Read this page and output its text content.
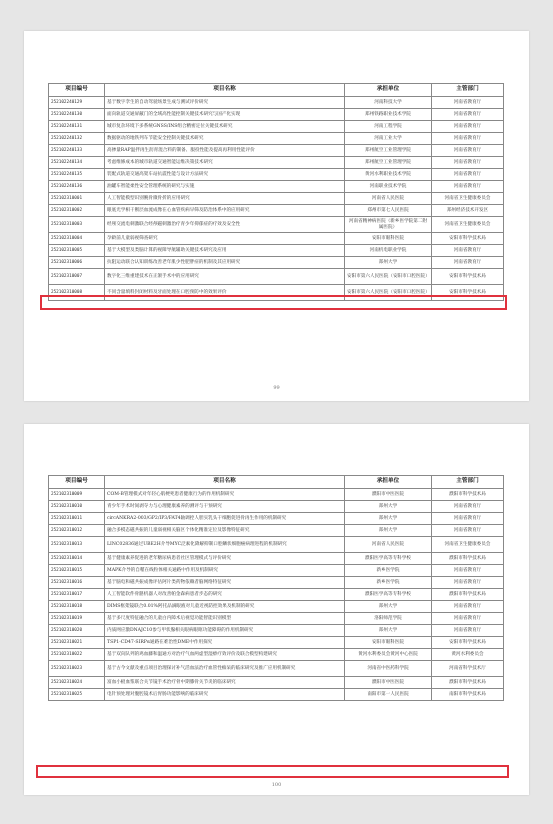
项目编号	项目名称	承担单位	主管部门
252102240129	基于数字孪生的自动驾驶场景生成与测试评价研究	河南科技大学	河南省教育厅
252102240130	面向轨道交通屏蔽门的全域高性能控制关键技术研究与国产化实现	郑州铁路职业技术学院	河南省教育厅
252102240131	城市复杂环境下多系统GNSS/INS组合精密定位关键技术研究	河南工程学院	河南省教育厅
252102240132	数据驱动的地铁列车节能安全控制关键技术研究	河南工业大学	河南省教育厅
252102240133	高掺量RAP温拌再生沥青混合料的制备、服役性能及提高再利用性能评价	郑州航空工业管理学院	河南省教育厅
252102240134	考虑维修成本的城市轨道交通智能运维决策技术研究	郑州航空工业管理学院	河南省教育厅
252102240135	装配式轨道交通高架车站抗震性能与设计方法研究	黄河水利职业技术学院	河南省教育厅
252102240136	油罐车智能柔性安全管理系统的研究与实施	河南职业技术学院	河南省教育厅
252102310001	人工智能模型识别腕骨微骨折的应用研究	河南省人民医院	河南省卫生健康委员会
252102310002	眼底光学相干断层血流成像在心血管疾病早筛及防治体系中的应用研究	郑州市第七人民医院	郑州经济技术开发区
252102310003	经颅交流电刺激联合经颅磁刺激治疗青少年抑郁症的疗效及安全性	河南省精神病医院（新乡医学院第二附属医院）	河南省卫生健康委员会
252102310004	孕龄前儿童弱视筛查研究	安阳市眼科医院	安阳市科学技术局
252102310005	基于大模型及类脑计算的视障导航辅助关键技术研究及应用	河南机电职业学院	河南省教育厅
252102310006	抗阻运动联合认知训练改善老年肌少性肥胖症的机制及其应用研究	郑州大学	河南省教育厅
252102310007	数字化三维重建技术在正颌手术中的应用研究	安阳市第六人民医院（安阳市口腔医院）	安阳市科学技术局
252102310008	不同含量填料封闭材料及牙面处理在口腔预防中的效果评价	安阳市第六人民医院（安阳市口腔医院）	安阳市科学技术局
99
项目编号	项目名称	承担单位	主管部门
252102310009	COM-B管理模式对年轻心肌梗死患者健康行为的作用机制研究	濮阳市中医医院	濮阳市科学技术局
252102310010	青少年手术时间剥夺力与心理健康素养的测评与干预研究	郑州大学	河南省教育厅
252102310011	circANKRA2-003/GP2/IP3/FAT4轴调控人胆实乳头干细胞促进骨再生作用的机制研究	郑州大学	河南省教育厅
252102310012	融合多模态磁共振的儿童弱视相关脑区个体化精准定位及影像特征研究	郑州大学	河南省教育厅
252102310013	LINC02836通过UBE2H介导MYC泛素化降解抑制口腔鳞状细胞癌病理进程的机制研究	河南省人民医院	河南省卫生健康委员会
252102310014	基于健康素养促进的老年糖尿病患者社区管理模式与评价研究	濮阳医学高等专科学校	濮阳市科学技术局
252102310015	MAPK介导的自噬在线粒体相关通路中作用及机制研究	新乡医学院	河南省教育厅
252102310016	基于脑电和磁共振成像评估阿片类药物依赖者脑网络特征研究	新乡医学院	河南省教育厅
252102310017	人工智能软件骨骼机器人对改善帕金森病患者步态的研究	濮阳医学高等专科学校	濮阳市科学技术局
252102310018	DIMS框架镜联合0.01%阿托品滴眼液对儿童近视防控效果及机制的研究	郑州大学	河南省教育厅
252102310019	基于多尺度特征融合的儿童白内障术后视觉功能智能识别模型	洛阳师范学院	河南省教育厅
252102310020	内质网应激DNAJC10参与甲状腺相关眼病眼眶功能障碍的作用机制研究	郑州大学	河南省教育厅
252102310021	TSP1-CD47-SIRPα通路在难治性DME中作用探究	安阳市眼科医院	安阳市科学技术局
252102310022	基于双向队列的鸡血藤和温通方对治疗气血两虚型湿痹疗效评价及联合模型构建研究	黄河水利委员会黄河中心医院	黄河水利委员会
252102310023	基于古今文献及重点项目治理探讨补气活血法治疗血管性痴呆的临床研究及推广应用机制研究	河南省中医药科学院	河南省科学技术厅
252102310024	富血小板血浆联合关节镜手术治疗骨中期膝骨关节炎的临床研究	濮阳市中医医院	濮阳市科学技术局
252102310025	电针预处理对腹腔镜术后胃肠功能影响的临床研究	南阳市第一人民医院	南阳市科学技术局
100
